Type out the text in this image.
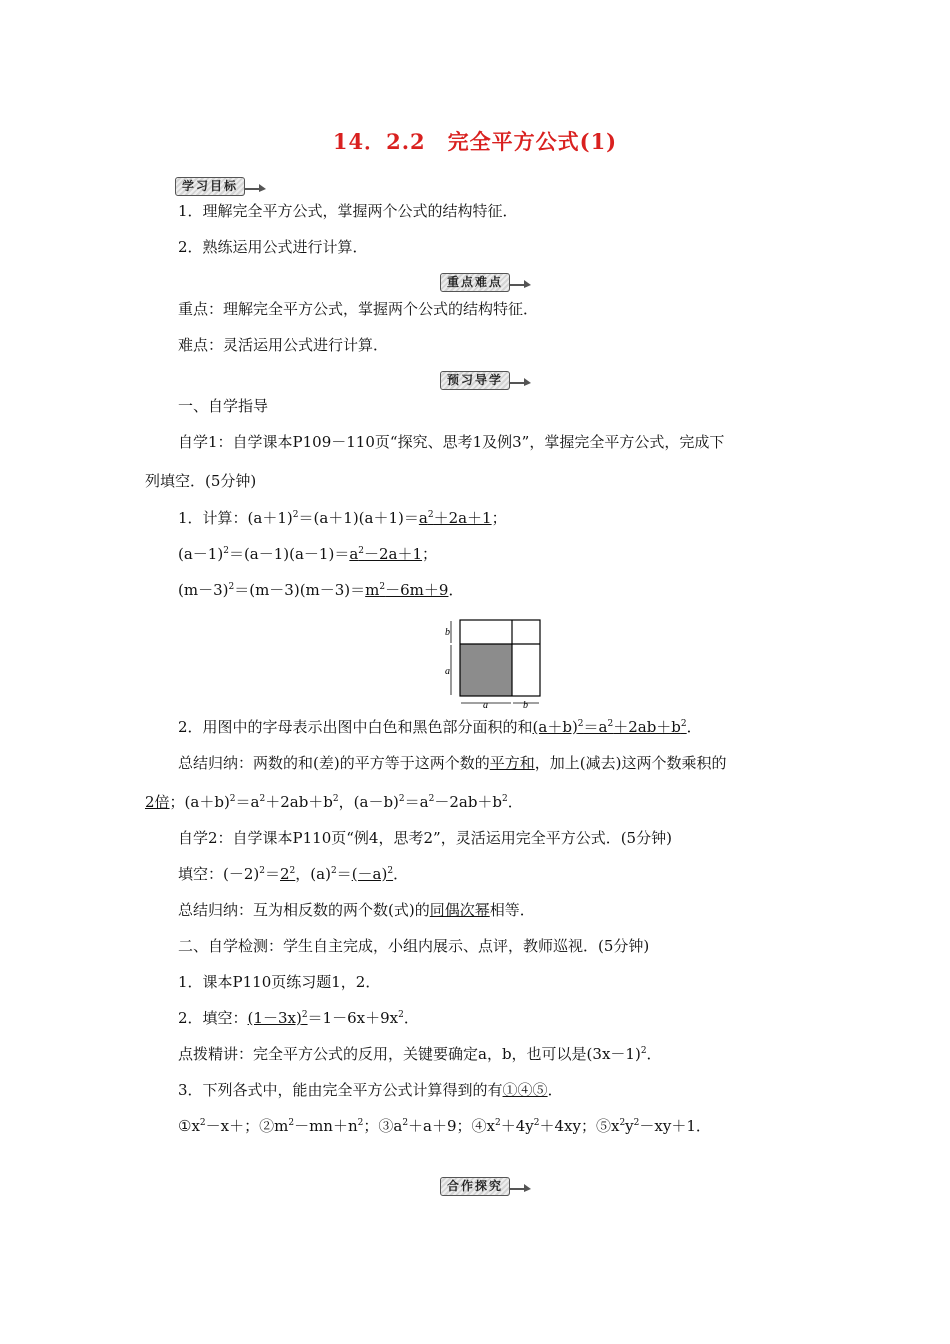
14．2.2　完全平方公式(1)
学习目标
1．理解完全平方公式，掌握两个公式的结构特征．
2．熟练运用公式进行计算．
重点难点
重点：理解完全平方公式，掌握两个公式的结构特征．
难点：灵活运用公式进行计算．
预习导学
一、自学指导
自学1：自学课本P109－110页“探究、思考1及例3”，掌握完全平方公式，完成下
列填空．(5分钟)
1．计算：$(a+1)^2=(a+1)(a+1)=a^2+2a+1$；
$(a-1)^2=(a-1)(a-1)=a^2-2a+1$；
$(m-3)^2=(m-3)(m-3)=m^2-6m+9$．
b
a
a	b
2．用图中的字母表示出图中白色和黑色部分面积的和$(a+b)^2=a^2+2ab+b^2$．
总结归纳：两数的和(差)的平方等于这两个数的平方和，加上(减去)这两个数乘积的
2倍；$(a+b)^2=a^2+2ab+b^2$，$(a-b)^2=a^2-2ab+b^2$．
自学2：自学课本P110页“例4，思考2”，灵活运用完全平方公式．(5分钟)
填空：$(-2)^2=2^2$，$(a)^2=(-a)^2$．
总结归纳：互为相反数的两个数(式)的同偶次幂相等．
二、自学检测：学生自主完成，小组内展示、点评，教师巡视．(5分钟)
1．课本P110页练习题1，2．
2．填空：$(1-3x)^2=1-6x+9x^2$．
点拨精讲：完全平方公式的反用，关键要确定a，b，也可以是$(3x-1)^2$．
3．下列各式中，能由完全平方公式计算得到的有①④⑤．
$①x^2-x+$；$②m^2-mn+n^2$；$③a^2+a+9$；$④x^2+4y^2+4xy$；$⑤x^2y^2-xy+1$．
合作探究
